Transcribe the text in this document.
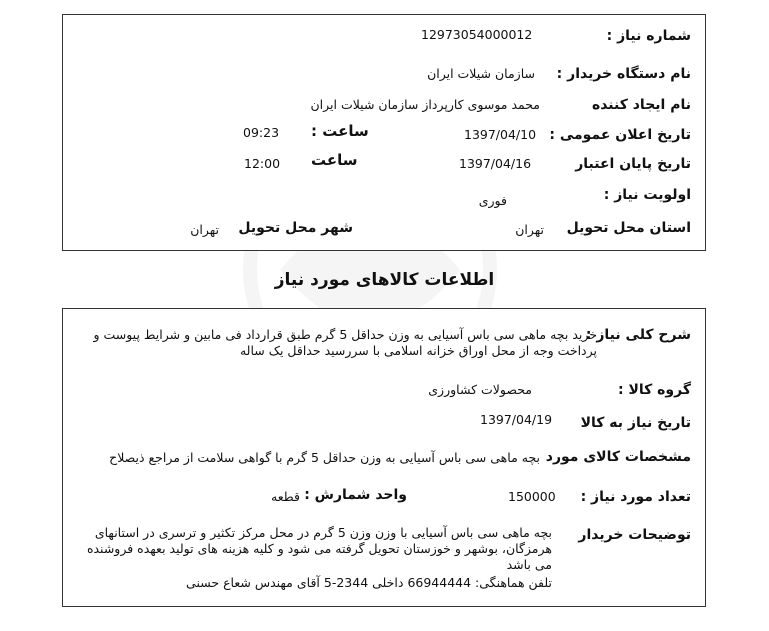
شماره نیاز :
12973054000012
نام دستگاه خریدار :
سازمان شیلات ایران
نام ایجاد کننده
محمد موسوی کارپرداز سازمان شیلات ایران
تاریخ اعلان عمومی :
1397/04/10
ساعت :
09:23
تاریخ پایان اعتبار
1397/04/16
ساعت
12:00
اولویت نیاز :
فوری
استان محل تحویل
تهران
شهر محل تحویل
تهران
اطلاعات کالاهای مورد نیاز
شرح کلی نیاز :
خرید بچه ماهی سی باس آسیایی به وزن حداقل 5 گرم طبق قرارداد فی مابین و شرایط پیوست و پرداخت وجه از محل اوراق خزانه اسلامی با سررسید حداقل یک ساله
گروه کالا :
محصولات کشاورزی
تاریخ نیاز به کالا
1397/04/19
مشخصات کالای مورد
بچه ماهی سی باس آسیایی به وزن حداقل 5 گرم با گواهی سلامت از مراجع ذیصلاح
تعداد مورد نیاز :
150000
واحد شمارش :
قطعه
توضیحات خریدار
بچه ماهی سی باس آسیایی با وزن وزن 5 گرم در محل مرکز تکثیر و ترسری در استانهای هرمزگان، بوشهر و خوزستان تحویل گرفته می شود و کلیه هزینه های تولید بعهده فروشنده می باشد
تلفن هماهنگی: 66944444 داخلی 2344-5 آقای مهندس شعاع حسنی
